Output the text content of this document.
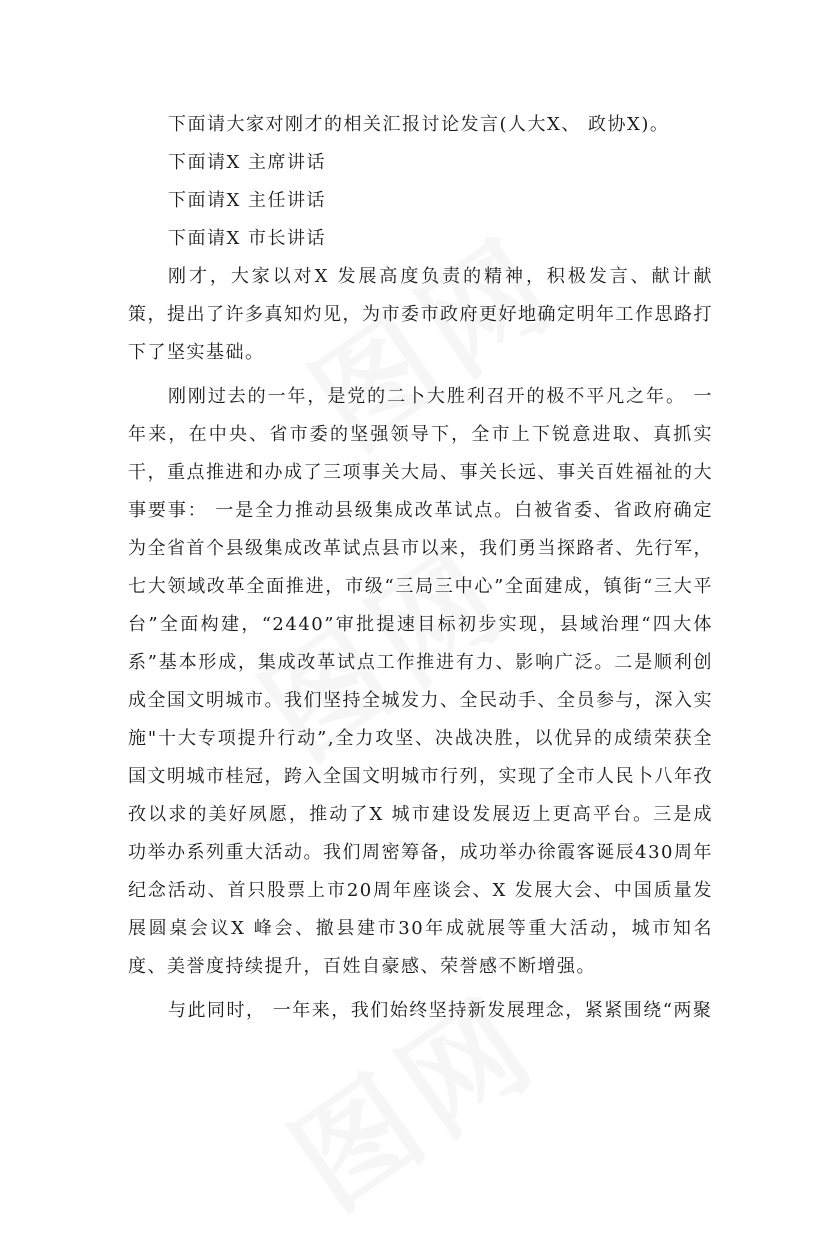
下面请大家对刚才的相关汇报讨论发言(人大X、 政协X)。

下面请X 主席讲话

下面请X 主任讲话

下面请X 市长讲话

刚才，大家以对X 发展高度负责的精神，积极发言、献计献策，提出了许多真知灼见，为市委市政府更好地确定明年工作思路打下了坚实基础。

刚刚过去的一年，是党的二卜大胜利召开的极不平凡之年。 一年来，在中央、省市委的坚强领导下，全市上下锐意进取、真抓实干，重点推进和办成了三项事关大局、事关长远、事关百姓福祉的大事要事： 一是全力推动县级集成改革试点。白被省委、省政府确定为全省首个县级集成改革试点县市以来，我们勇当探路者、先行军，七大领域改革全面推进，市级“三局三中心”全面建成，镇街“三大平台”全面构建，“2440”审批提速目标初步实现，县域治理“四大体系”基本形成，集成改革试点工作推进有力、影响广泛。二是顺利创成全国文明城市。我们坚持全城发力、全民动手、全员参与，深入实施"十大专项提升行动”,全力攻坚、决战决胜，以优异的成绩荣获全国文明城市桂冠，跨入全国文明城市行列，实现了全市人民卜八年孜孜以求的美好夙愿，推动了X 城市建设发展迈上更高平台。三是成功举办系列重大活动。我们周密筹备，成功举办徐霞客诞辰430周年纪念活动、首只股票上市20周年座谈会、X 发展大会、中国质量发展圆桌会议X 峰会、撤县建市30年成就展等重大活动，城市知名度、美誉度持续提升，百姓自豪感、荣誉感不断增强。

与此同时， 一年来，我们始终坚持新发展理念，紧紧围绕“两聚
